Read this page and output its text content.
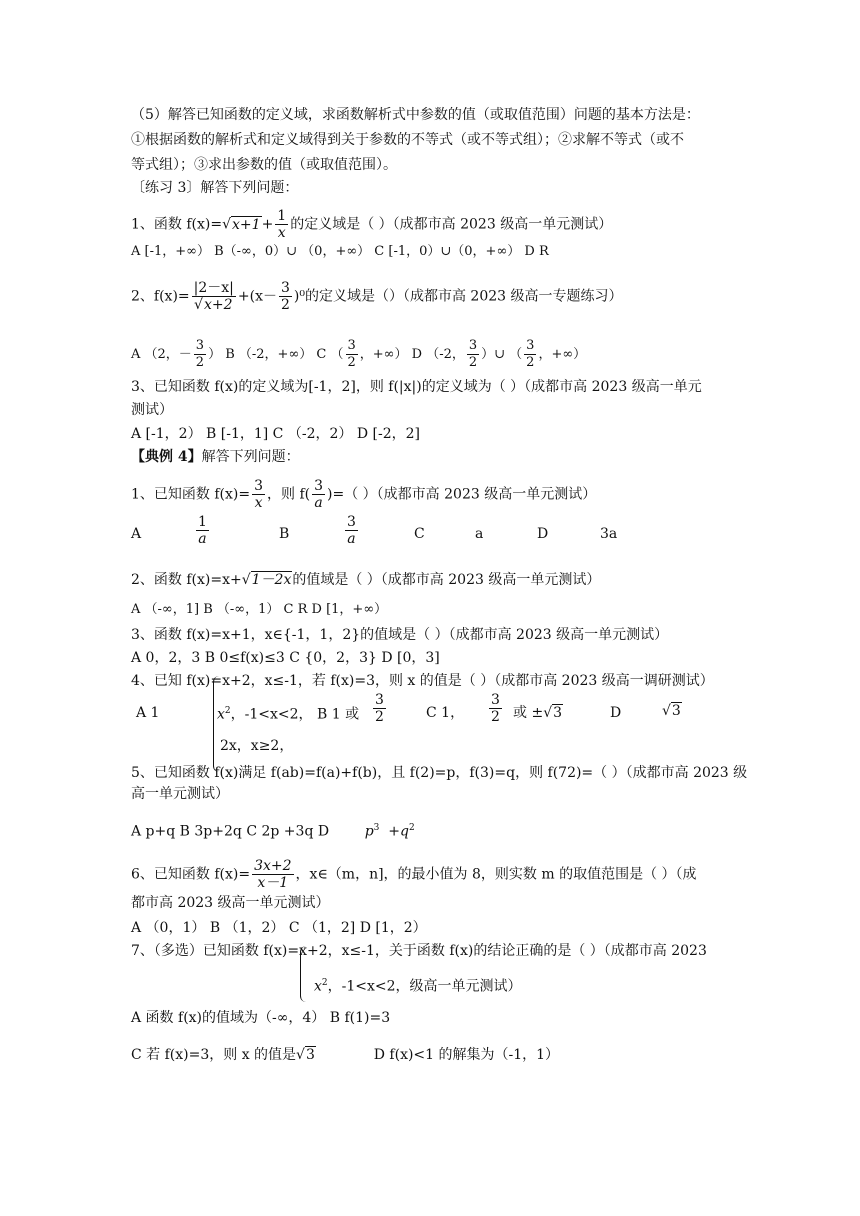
（5）解答已知函数的定义域，求函数解析式中参数的值（或取值范围）问题的基本方法是：
①根据函数的解析式和定义域得到关于参数的不等式（或不等式组）；②求解不等式（或不
等式组）；③求出参数的值（或取值范围）。
〔练习 3〕解答下列问题：
1、函数 $f(x)=√x+1+ \frac{1}{x}$ 的定义域是（ ）（成都市高 2023 级高一单元测试）
A [-1，+∞） B（-∞，0）∪ （0，+∞） C [-1，0）∪（0，+∞） D R
2、$f(x)= \frac{|2-x|}{√x+2} +(x- \frac{3}{2} )^0$的定义域是（）（成都市高 2023 级高一专题练习）
A （2，－ $\frac{3}{2}$ ） B （-2，+∞） C （ $\frac{3}{2}$ ，+∞） D （-2， $\frac{3}{2}$ ）∪ （ $\frac{3}{2}$ ，+∞）
3、已知函数 f(x)的定义域为[-1，2]，则 f(|x|)的定义域为（ ）（成都市高 2023 级高一单元
测试）
A [-1，2） B [-1，1] C （-2，2） D [-2，2]
【典例 4】解答下列问题：
1、已知函数 $f(x)= \frac{3}{x}$ ，则 $f( \frac{3}{a}$ )=（ ）（成都市高 2023 级高一单元测试）
A	$\frac{1}{a}$	B	$\frac{3}{a}$	C	a	D	3a
2、函数 f(x)=x+√1－2x的值域是（ ）（成都市高 2023 级高一单元测试）
A （-∞，1] B （-∞，1） C R D [1，+∞）
3、函数 f(x)=x+1，x∈{-1，1，2}的值域是（ ）（成都市高 2023 级高一单元测试）
A 0，2，3 B 0≤f(x)≤3 C {0，2，3} D [0，3]
4、已知 f(x)=x+2，x≤-1，若 f(x)=3，则 x 的值是（ ）（成都市高 2023 级高一调研测试）
A 1	$x^2$，-1<x<2， B 1 或 $\frac{3}{2}$	C 1， $\frac{3}{2}$ 或 ±√3	D	√3
2x，x≥2，
5、已知函数 f(x)满足 f(ab)=f(a)+f(b)，且 f(2)=p，f(3)=q，则 f(72)=（ ）（成都市高 2023 级
高一单元测试）
A p+q B 3p+2q C 2p +3q D	$p^3 +q^2$
6、已知函数 $f(x)= \frac{3x+2}{x-1}$ ，x∈（m，n]，的最小值为 8，则实数 m 的取值范围是（ ）（成
都市高 2023 级高一单元测试）
A （0，1） B （1，2） C （1，2] D [1，2）
7、（多选）已知函数 f(x)=x+2，x≤-1，关于函数 f(x)的结论正确的是（ ）（成都市高 2023
$x^2$，-1<x<2，级高一单元测试）
A 函数 f(x)的值域为（-∞，4） B f(1)=3
C 若 f(x)=3，则 x 的值是√3	D f(x)<1 的解集为（-1，1）
